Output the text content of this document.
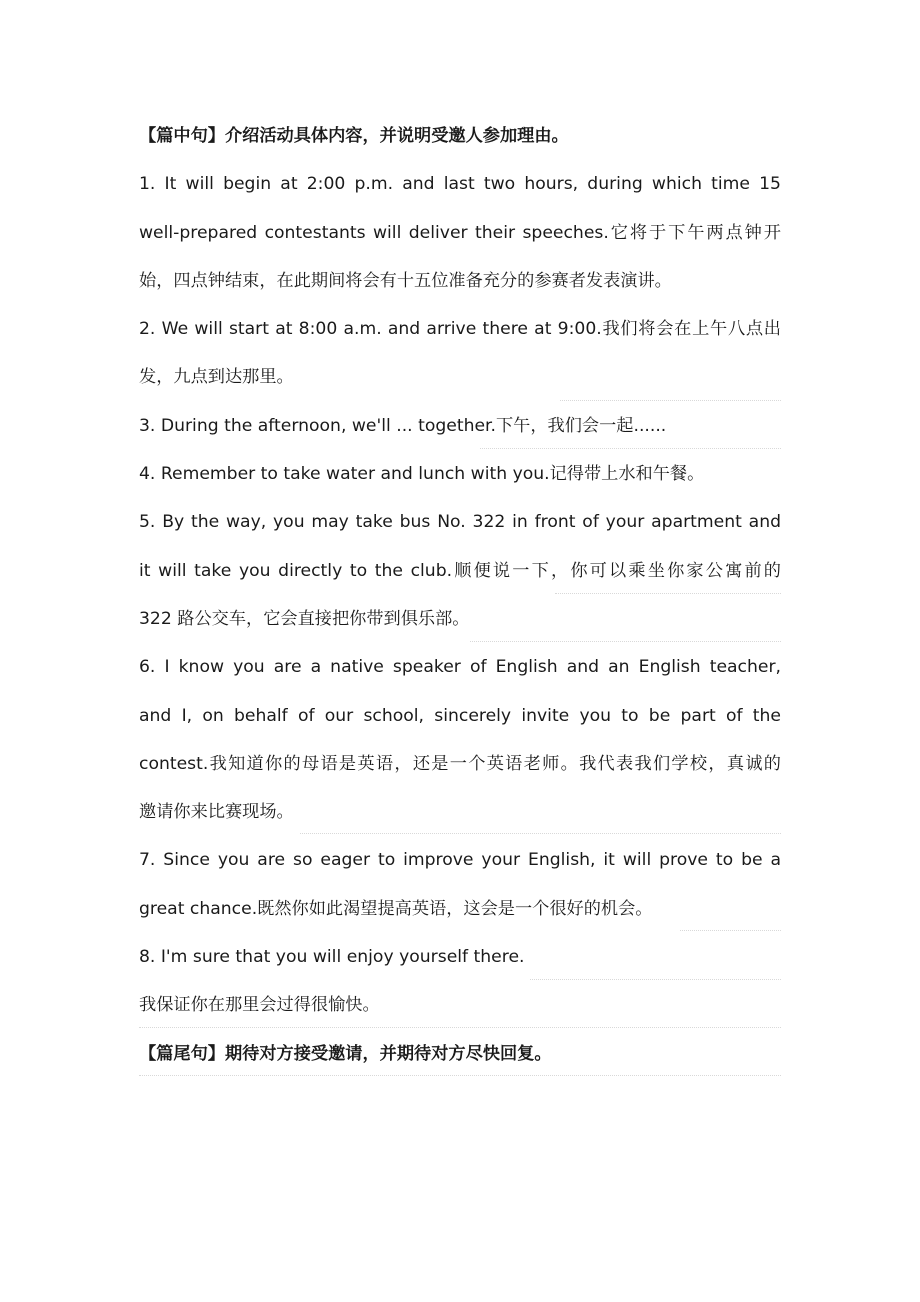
【篇中句】介绍活动具体内容，并说明受邀人参加理由。
1. It will begin at 2:00 p.m. and last two hours, during which time 15
well-prepared contestants will deliver their speeches.它将于下午两点钟开
始，四点钟结束，在此期间将会有十五位准备充分的参赛者发表演讲。
2. We will start at 8:00 a.m. and arrive there at 9:00.我们将会在上午八点出
发，九点到达那里。
3. During the afternoon, we'll ... together.下午，我们会一起......
4. Remember to take water and lunch with you.记得带上水和午餐。
5. By the way, you may take bus No. 322 in front of your apartment and
it will take you directly to the club.顺便说一下，你可以乘坐你家公寓前的
322 路公交车，它会直接把你带到俱乐部。
6. I know you are a native speaker of English and an English teacher,
and I, on behalf of our school, sincerely invite you to be part of the
contest.我知道你的母语是英语，还是一个英语老师。我代表我们学校，真诚的
邀请你来比赛现场。
7. Since you are so eager to improve your English, it will prove to be a
great chance.既然你如此渴望提高英语，这会是一个很好的机会。
8. I'm sure that you will enjoy yourself there.
我保证你在那里会过得很愉快。
【篇尾句】期待对方接受邀请，并期待对方尽快回复。
